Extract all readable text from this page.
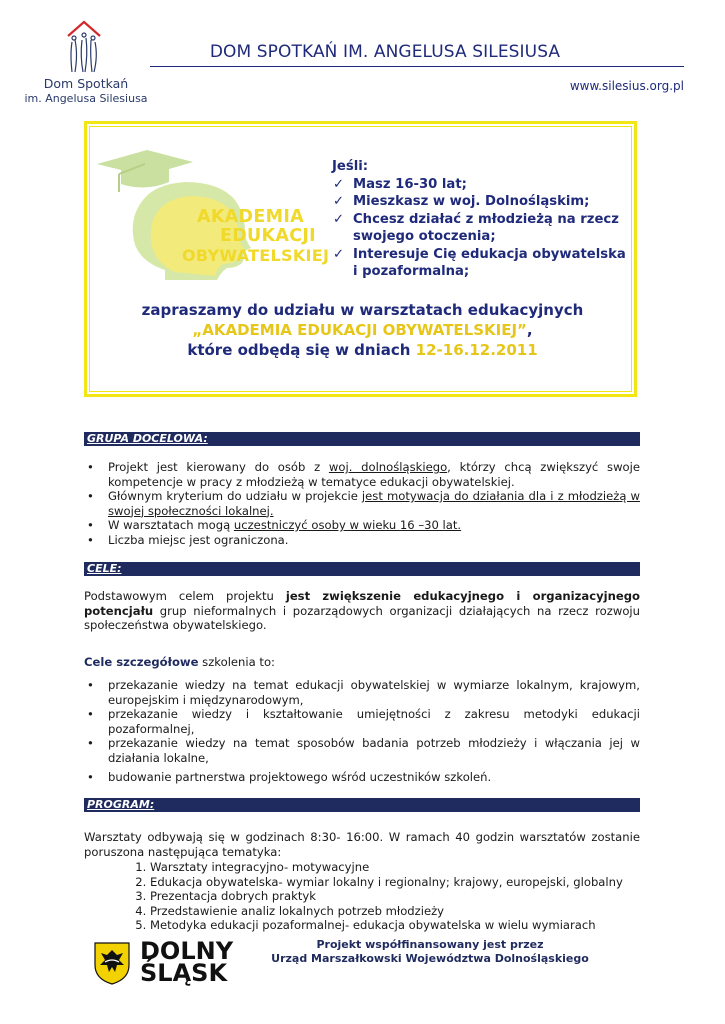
Dom Spotkań
im. Angelusa Silesiusa
DOM SPOTKAŃ IM. ANGELUSA SILESIUSA
www.silesius.org.pl
AKADEMIA
EDUKACJI
OBYWATELSKIEJ
Jeśli:
✓ Masz 16-30 lat;
✓ Mieszkasz w woj. Dolnośląskim;
✓ Chcesz działać z młodzieżą na rzecz swojego otoczenia;
✓ Interesuje Cię edukacja obywatelska i pozaformalna;
zapraszamy do udziału w warsztatach edukacyjnych
„AKADEMIA EDUKACJI OBYWATELSKIEJ”,
które odbędą się w dniach 12-16.12.2011
GRUPA DOCELOWA:
• Projekt jest kierowany do osób z woj. dolnośląskiego, którzy chcą zwiększyć swoje kompetencje w pracy z młodzieżą w tematyce edukacji obywatelskiej.
• Głównym kryterium do udziału w projekcie jest motywacja do działania dla i z młodzieżą w swojej społeczności lokalnej.
• W warsztatach mogą uczestniczyć osoby w wieku 16 –30 lat.
• Liczba miejsc jest ograniczona.
CELE:
Podstawowym celem projektu jest zwiększenie edukacyjnego i organizacyjnego potencjału grup nieformalnych i pozarządowych organizacji działających na rzecz rozwoju społeczeństwa obywatelskiego.
Cele szczegółowe szkolenia to:
• przekazanie wiedzy na temat edukacji obywatelskiej w wymiarze lokalnym, krajowym, europejskim i międzynarodowym,
• przekazanie wiedzy i kształtowanie umiejętności z zakresu metodyki edukacji pozaformalnej,
• przekazanie wiedzy na temat sposobów badania potrzeb młodzieży i włączania jej w działania lokalne,
• budowanie partnerstwa projektowego wśród uczestników szkoleń.
PROGRAM:
Warsztaty odbywają się w godzinach 8:30- 16:00. W ramach 40 godzin warsztatów zostanie poruszona następująca tematyka:
1. Warsztaty integracyjno- motywacyjne
2. Edukacja obywatelska- wymiar lokalny i regionalny; krajowy, europejski, globalny
3. Prezentacja dobrych praktyk
4. Przedstawienie analiz lokalnych potrzeb młodzieży
5. Metodyka edukacji pozaformalnej- edukacja obywatelska w wielu wymiarach
DOLNY
ŚLĄSK
Projekt współfinansowany jest przez
Urząd Marszałkowski Województwa Dolnośląskiego
